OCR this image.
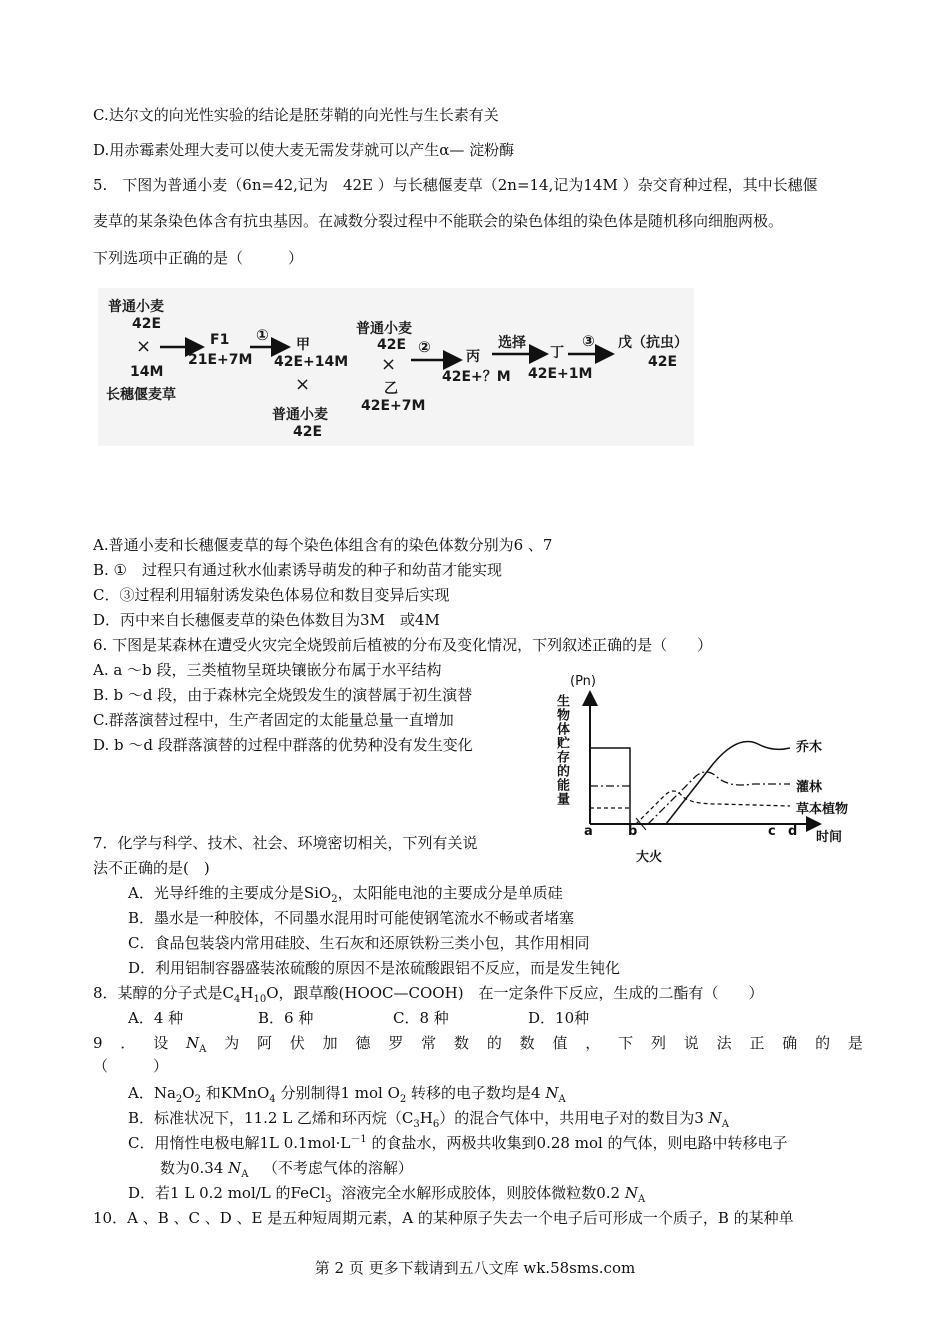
C.达尔文的向光性实验的结论是胚芽鞘的向光性与生长素有关
D.用赤霉素处理大麦可以使大麦无需发芽就可以产生α— 淀粉酶
5.　下图为普通小麦（6n=42,记为　42E ）与长穗偃麦草（2n=14,记为14M ）杂交育种过程，其中长穗偃
麦草的某条染色体含有抗虫基因。在减数分裂过程中不能联会的染色体组的染色体是随机移向细胞两极。
下列选项中正确的是（　　　）
普通小麦
42E
×
14M
长穗偃麦草
F1
21E+7M
①
甲
42E+14M
×
普通小麦
42E
普通小麦
42E
×
乙
42E+7M
②
丙
42E+？M
选择
丁
42E+1M
③ 戊（抗虫）
42E
A.普通小麦和长穗偃麦草的每个染色体组含有的染色体数分别为6 、7
B. ①　过程只有通过秋水仙素诱导萌发的种子和幼苗才能实现
C．③过程利用辐射诱发染色体易位和数目变异后实现
D．丙中来自长穗偃麦草的染色体数目为3M　或4M
6. 下图是某森林在遭受火灾完全烧毁前后植被的分布及变化情况，下列叙述正确的是（　　）
A. a ～b 段，三类植物呈斑块镶嵌分布属于水平结构
B. b ～d 段，由于森林完全烧毁发生的演替属于初生演替
C.群落演替过程中，生产者固定的太能量总量一直增加
D. b ～d 段群落演替的过程中群落的优势种没有发生变化
(Pn)
生物体贮存的能量	乔木
灌林
草本植物
a	b	c d 时间
大火
7．化学与科学、技术、社会、环境密切相关，下列有关说
法不正确的是(　)
A．光导纤维的主要成分是SiO$_2$，太阳能电池的主要成分是单质硅
B．墨水是一种胶体，不同墨水混用时可能使钢笔流水不畅或者堵塞
C．食品包装袋内常用硅胶、生石灰和还原铁粉三类小包，其作用相同
D．利用铝制容器盛装浓硫酸的原因不是浓硫酸跟铝不反应，而是发生钝化
8．某醇的分子式是$C_4H_{10}O$，跟草酸(HOOC—COOH)　在一定条件下反应，生成的二酯有（　　）
A．4 种	B．6 种	C．8 种	D．10种
9 ． 设 $N_A$ 为 阿 伏 加 德 罗 常 数 的 数 值 ， 下 列 说 法 正 确 的 是
（　　　）
A．$Na_2O_2$ 和KMnO$_4$ 分别制得1 mol $O_2$ 转移的电子数均是4 $N_A$
B．标准状况下，11.2 L 乙烯和环丙烷$(C_3H_6)$的混合气体中，共用电子对的数目为3 $N_A$
C．用惰性电极电解1L $0.1mol\cdot L^{-1}$ 的食盐水，两极共收集到0.28 mol 的气体，则电路中转移电子
数为0.34 $N_A$ （不考虑气体的溶解）
D．若1 L 0.2 mol/L 的FeCl$_3$ 溶液完全水解形成胶体，则胶体微粒数0.2 $N_A$
10．A 、B 、C 、D 、E 是五种短周期元素，A 的某种原子失去一个电子后可形成一个质子，B 的某种单
第 2 页 更多下载请到五八文库 wk.58sms.com
